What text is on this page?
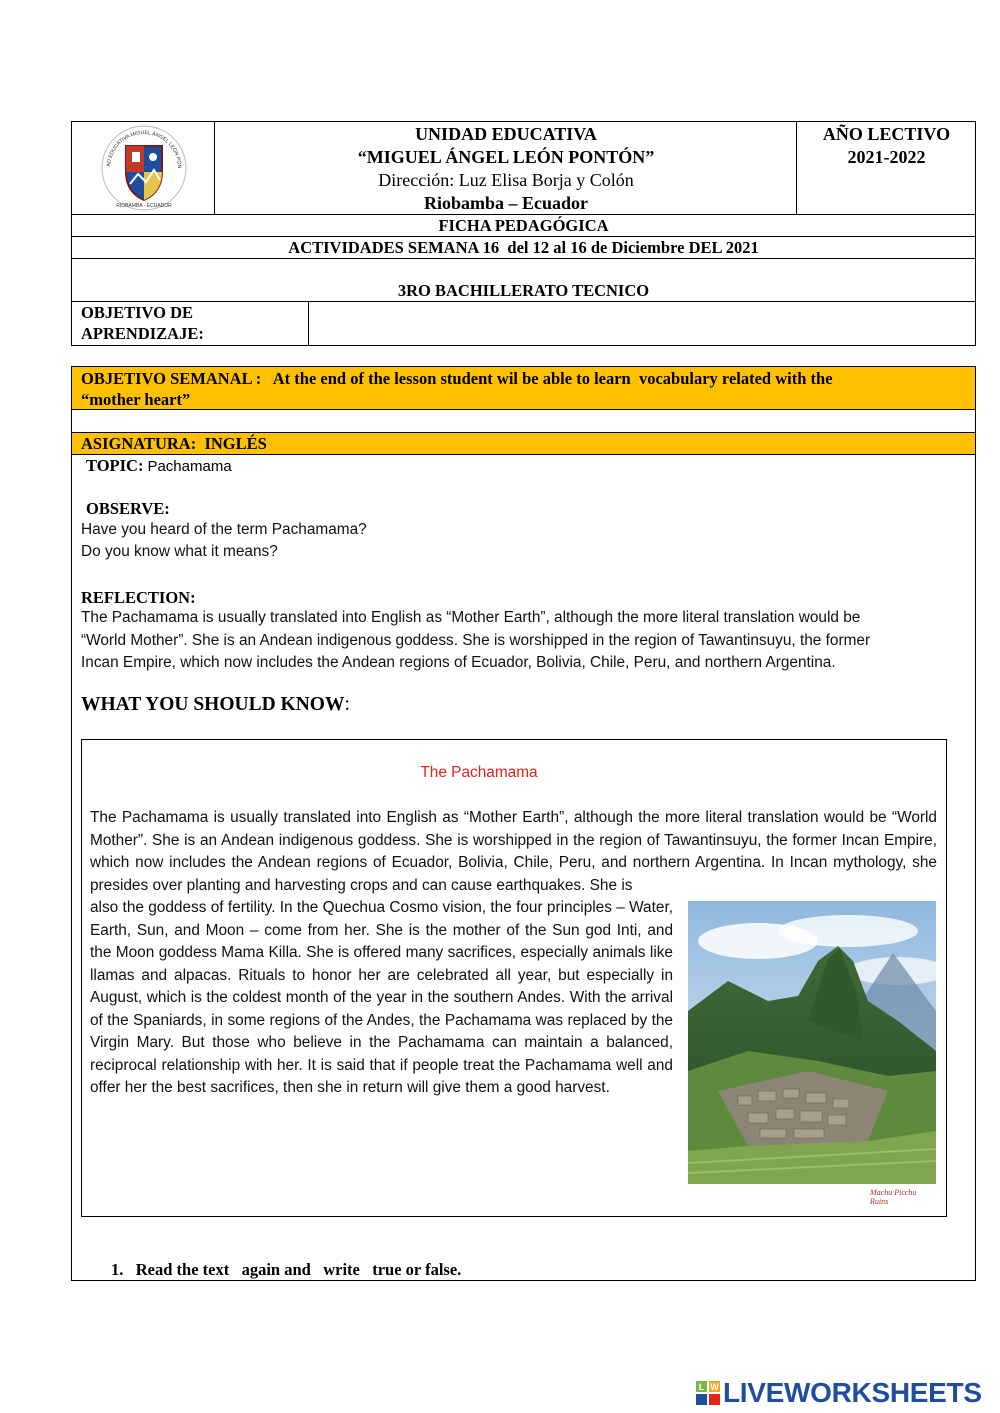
AD EDUCATIVA MIGUEL ÁNGEL LEÓN PON
RIOBAMBA - ECUADOR
UNIDAD EDUCATIVA
“MIGUEL ÁNGEL LEÓN PONTÓN”
Dirección: Luz Elisa Borja y Colón
Riobamba – Ecuador
AÑO LECTIVO
2021-2022
FICHA PEDAGÓGICA
ACTIVIDADES SEMANA 16  del 12 al 16 de Diciembre DEL 2021
3RO BACHILLERATO TECNICO
OBJETIVO DE
APRENDIZAJE:
OBJETIVO SEMANAL : At the end of the lesson student wil be able to learn  vocabulary related with the
“mother heart”
ASIGNATURA:  INGLÉS
TOPIC: Pachamama
OBSERVE:
Have you heard of the term Pachamama?
Do you know what it means?
REFLECTION:
The Pachamama is usually translated into English as “Mother Earth”, although the more literal translation would be
“World Mother”. She is an Andean indigenous goddess. She is worshipped in the region of Tawantinsuyu, the former
Incan Empire, which now includes the Andean regions of Ecuador, Bolivia, Chile, Peru, and northern Argentina.
WHAT YOU SHOULD KNOW:
The Pachamama
The Pachamama is usually translated into English as “Mother Earth”, although the more literal translation would be “World Mother”. She is an Andean indigenous goddess. She is worshipped in the region of Tawantinsuyu, the former Incan Empire, which now includes the Andean regions of Ecuador, Bolivia, Chile, Peru, and northern Argentina. In Incan mythology, she presides over planting and harvesting crops and can cause earthquakes. She is
also the goddess of fertility. In the Quechua Cosmo vision, the four principles – Water, Earth, Sun, and Moon – come from her. She is the mother of the Sun god Inti, and the Moon goddess Mama Killa. She is offered many sacrifices, especially animals like llamas and alpacas. Rituals to honor her are celebrated all year, but especially in August, which is the coldest month of the year in the southern Andes. With the arrival of the Spaniards, in some regions of the Andes, the Pachamama was replaced by the Virgin Mary. But those who believe in the Pachamama can maintain a balanced, reciprocal relationship with her. It is said that if people treat the Pachamama well and offer her the best sacrifices, then she in return will give them a good harvest.
Machu Picchu Ruins
1. Read the text   again and   write   true or false.
L W LIVEWORKSHEETS
